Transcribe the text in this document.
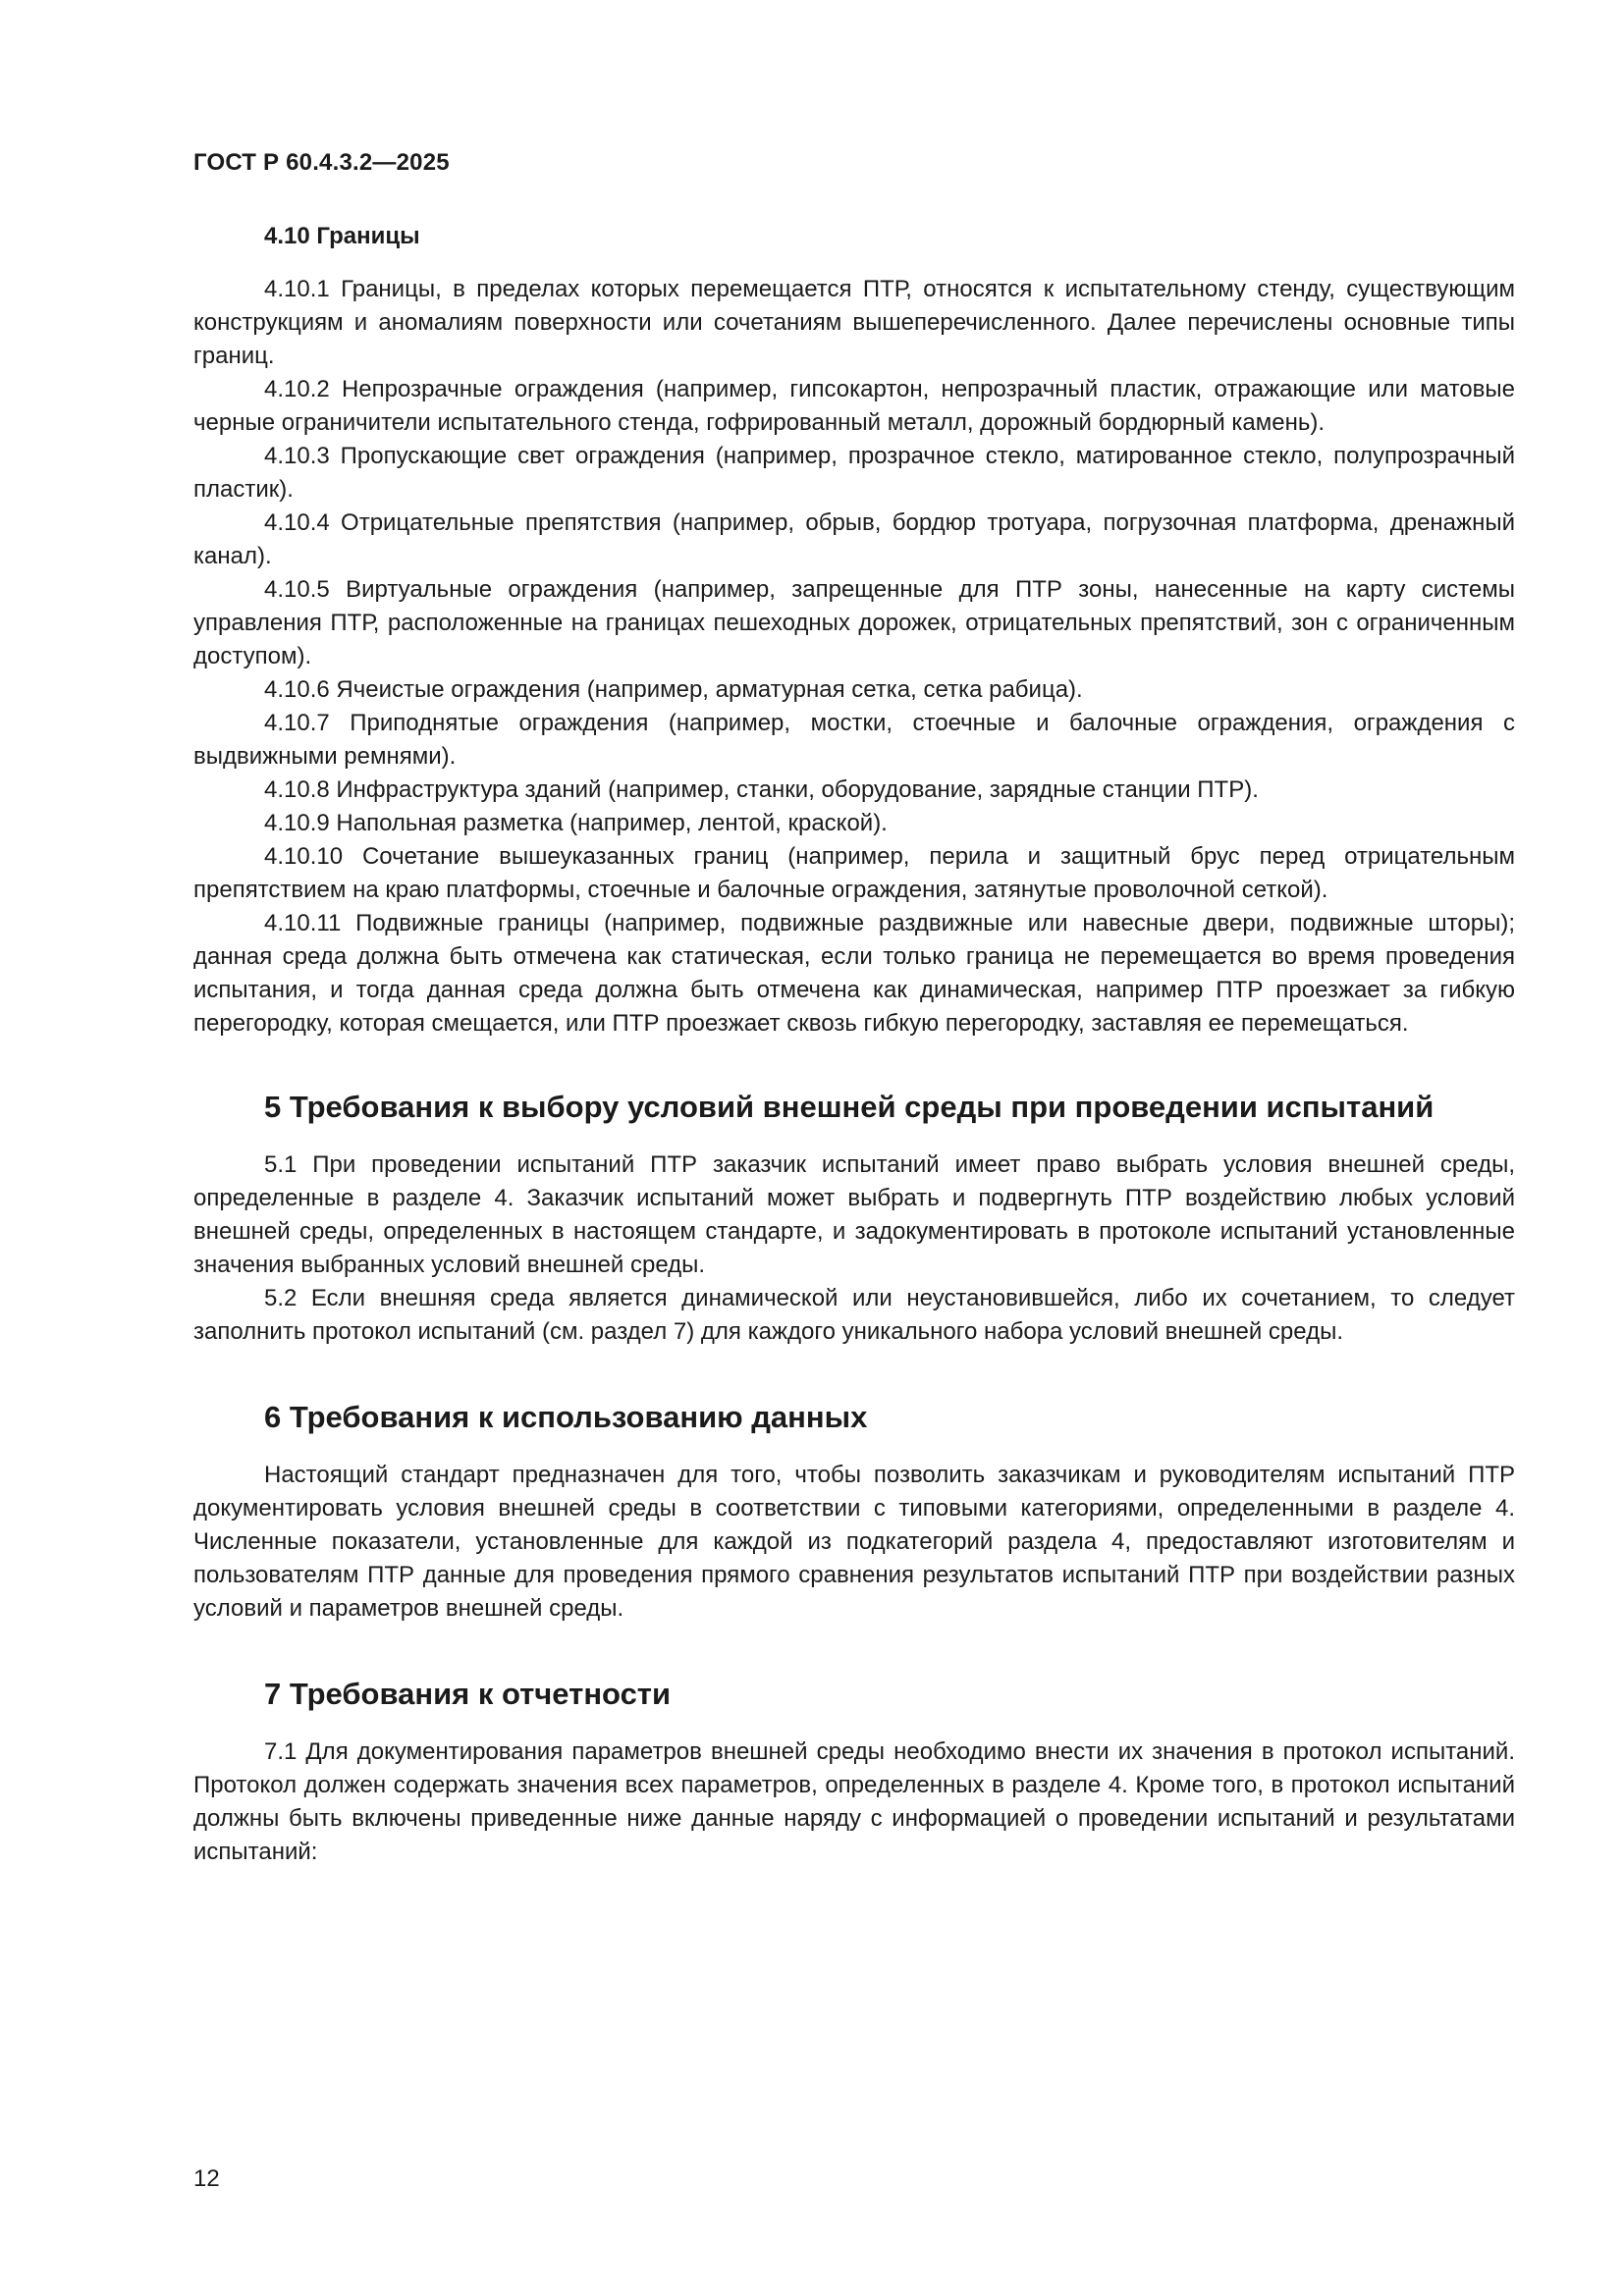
ГОСТ Р 60.4.3.2—2025
4.10 Границы

4.10.1 Границы, в пределах которых перемещается ПТР, относятся к испытательному стенду, существующим конструкциям и аномалиям поверхности или сочетаниям вышеперечисленного. Далее перечислены основные типы границ.

4.10.2 Непрозрачные ограждения (например, гипсокартон, непрозрачный пластик, отражающие или матовые черные ограничители испытательного стенда, гофрированный металл, дорожный бордюрный камень).

4.10.3 Пропускающие свет ограждения (например, прозрачное стекло, матированное стекло, полупрозрачный пластик).

4.10.4 Отрицательные препятствия (например, обрыв, бордюр тротуара, погрузочная платформа, дренажный канал).

4.10.5 Виртуальные ограждения (например, запрещенные для ПТР зоны, нанесенные на карту системы управления ПТР, расположенные на границах пешеходных дорожек, отрицательных препятствий, зон с ограниченным доступом).

4.10.6 Ячеистые ограждения (например, арматурная сетка, сетка рабица).

4.10.7 Приподнятые ограждения (например, мостки, стоечные и балочные ограждения, ограждения с выдвижными ремнями).

4.10.8 Инфраструктура зданий (например, станки, оборудование, зарядные станции ПТР).

4.10.9 Напольная разметка (например, лентой, краской).

4.10.10 Сочетание вышеуказанных границ (например, перила и защитный брус перед отрицательным препятствием на краю платформы, стоечные и балочные ограждения, затянутые проволочной сеткой).

4.10.11 Подвижные границы (например, подвижные раздвижные или навесные двери, подвижные шторы); данная среда должна быть отмечена как статическая, если только граница не перемещается во время проведения испытания, и тогда данная среда должна быть отмечена как динамическая, например ПТР проезжает за гибкую перегородку, которая смещается, или ПТР проезжает сквозь гибкую перегородку, заставляя ее перемещаться.

5 Требования к выбору условий внешней среды при проведении испытаний

5.1 При проведении испытаний ПТР заказчик испытаний имеет право выбрать условия внешней среды, определенные в разделе 4. Заказчик испытаний может выбрать и подвергнуть ПТР воздействию любых условий внешней среды, определенных в настоящем стандарте, и задокументировать в протоколе испытаний установленные значения выбранных условий внешней среды.

5.2 Если внешняя среда является динамической или неустановившейся, либо их сочетанием, то следует заполнить протокол испытаний (см. раздел 7) для каждого уникального набора условий внешней среды.

6 Требования к использованию данных

Настоящий стандарт предназначен для того, чтобы позволить заказчикам и руководителям испытаний ПТР документировать условия внешней среды в соответствии с типовыми категориями, определенными в разделе 4. Численные показатели, установленные для каждой из подкатегорий раздела 4, предоставляют изготовителям и пользователям ПТР данные для проведения прямого сравнения результатов испытаний ПТР при воздействии разных условий и параметров внешней среды.

7 Требования к отчетности

7.1 Для документирования параметров внешней среды необходимо внести их значения в протокол испытаний. Протокол должен содержать значения всех параметров, определенных в разделе 4. Кроме того, в протокол испытаний должны быть включены приведенные ниже данные наряду с информацией о проведении испытаний и результатами испытаний:

12
